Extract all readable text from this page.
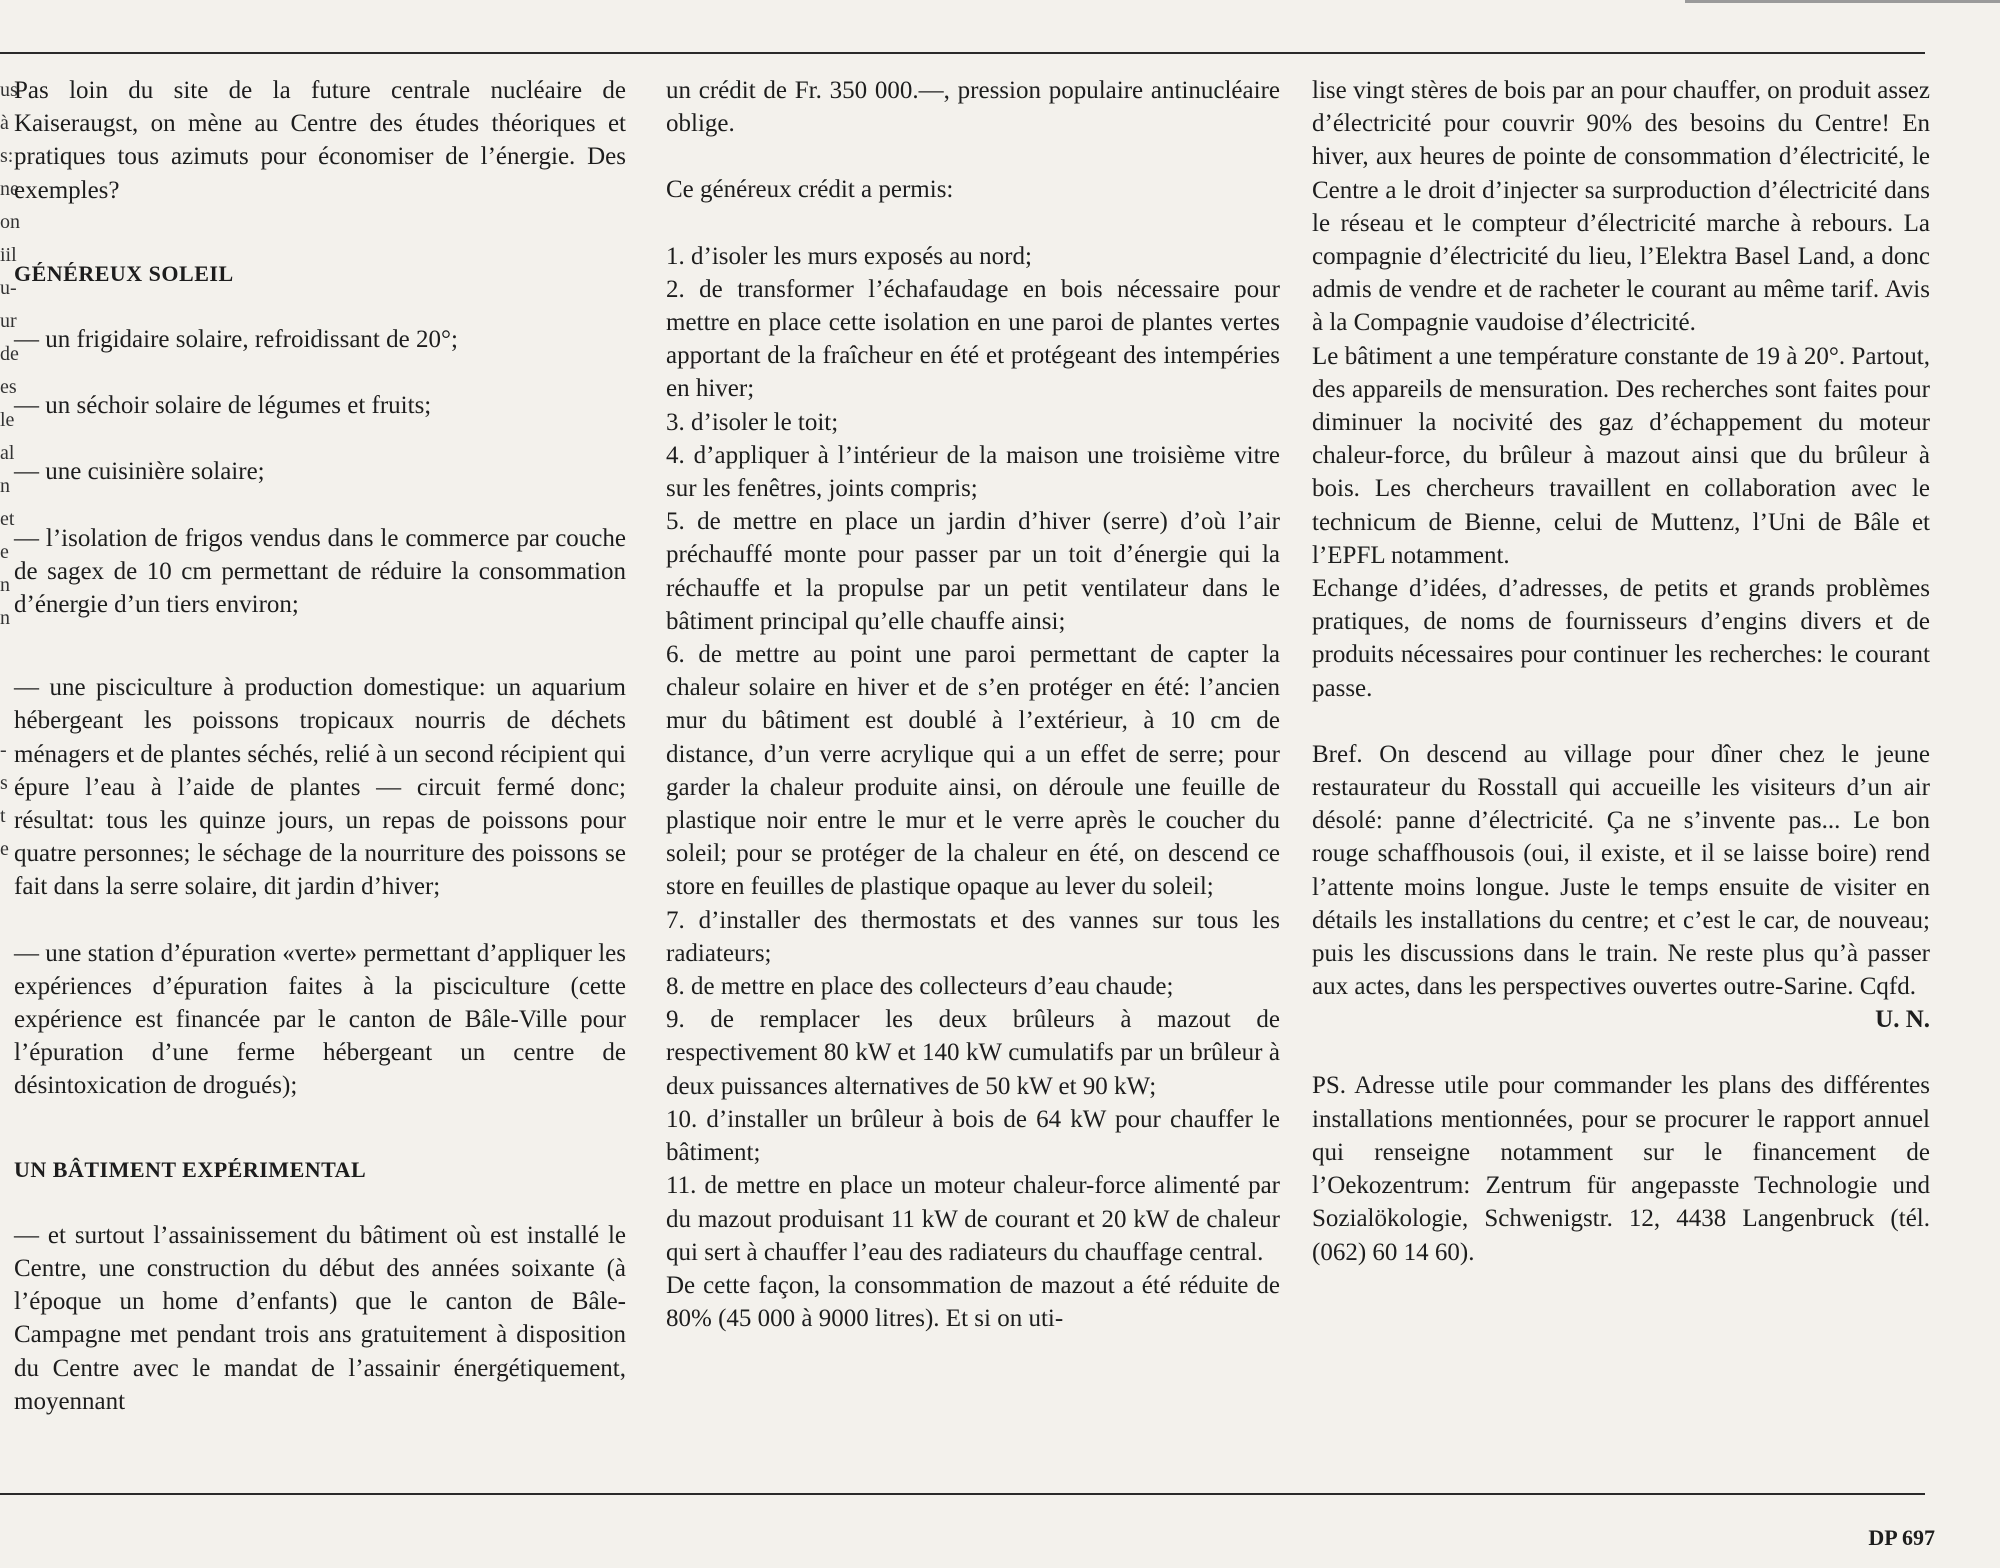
us
à
s:
ne
on
iil
u-
ur
de
es
le
al
n
et
e
n
n
-
s
t
e

Pas loin du site de la future centrale nucléaire de Kaiseraugst, on mène au Centre des études théoriques et pratiques tous azimuts pour économiser de l’énergie. Des exemples?

GÉNÉREUX SOLEIL

— un frigidaire solaire, refroidissant de 20°;

— un séchoir solaire de légumes et fruits;

— une cuisinière solaire;

— l’isolation de frigos vendus dans le commerce par couche de sagex de 10 cm permettant de réduire la consommation d’énergie d’un tiers environ;

— une pisciculture à production domestique: un aquarium hébergeant les poissons tropicaux nourris de déchets ménagers et de plantes séchés, relié à un second récipient qui épure l’eau à l’aide de plantes — circuit fermé donc; résultat: tous les quinze jours, un repas de poissons pour quatre personnes; le séchage de la nourriture des poissons se fait dans la serre solaire, dit jardin d’hiver;

— une station d’épuration «verte» permettant d’appliquer les expériences d’épuration faites à la pisciculture (cette expérience est financée par le canton de Bâle-Ville pour l’épuration d’une ferme hébergeant un centre de désintoxication de drogués);

UN BÂTIMENT EXPÉRIMENTAL

— et surtout l’assainissement du bâtiment où est installé le Centre, une construction du début des années soixante (à l’époque un home d’enfants) que le canton de Bâle-Campagne met pendant trois ans gratuitement à disposition du Centre avec le mandat de l’assainir énergétiquement, moyennant

un crédit de Fr. 350 000.—, pression populaire antinucléaire oblige.

Ce généreux crédit a permis:

1. d’isoler les murs exposés au nord;

2. de transformer l’échafaudage en bois nécessaire pour mettre en place cette isolation en une paroi de plantes vertes apportant de la fraîcheur en été et protégeant des intempéries en hiver;

3. d’isoler le toit;

4. d’appliquer à l’intérieur de la maison une troisième vitre sur les fenêtres, joints compris;

5. de mettre en place un jardin d’hiver (serre) d’où l’air préchauffé monte pour passer par un toit d’énergie qui la réchauffe et la propulse par un petit ventilateur dans le bâtiment principal qu’elle chauffe ainsi;

6. de mettre au point une paroi permettant de capter la chaleur solaire en hiver et de s’en protéger en été: l’ancien mur du bâtiment est doublé à l’extérieur, à 10 cm de distance, d’un verre acrylique qui a un effet de serre; pour garder la chaleur produite ainsi, on déroule une feuille de plastique noir entre le mur et le verre après le coucher du soleil; pour se protéger de la chaleur en été, on descend ce store en feuilles de plastique opaque au lever du soleil;

7. d’installer des thermostats et des vannes sur tous les radiateurs;

8. de mettre en place des collecteurs d’eau chaude;

9. de remplacer les deux brûleurs à mazout de respectivement 80 kW et 140 kW cumulatifs par un brûleur à deux puissances alternatives de 50 kW et 90 kW;

10. d’installer un brûleur à bois de 64 kW pour chauffer le bâtiment;

11. de mettre en place un moteur chaleur-force alimenté par du mazout produisant 11 kW de courant et 20 kW de chaleur qui sert à chauffer l’eau des radiateurs du chauffage central.

De cette façon, la consommation de mazout a été réduite de 80% (45 000 à 9000 litres). Et si on uti-

lise vingt stères de bois par an pour chauffer, on produit assez d’électricité pour couvrir 90% des besoins du Centre! En hiver, aux heures de pointe de consommation d’électricité, le Centre a le droit d’injecter sa surproduction d’électricité dans le réseau et le compteur d’électricité marche à rebours. La compagnie d’électricité du lieu, l’Elektra Basel Land, a donc admis de vendre et de racheter le courant au même tarif. Avis à la Compagnie vaudoise d’électricité.

Le bâtiment a une température constante de 19 à 20°. Partout, des appareils de mensuration. Des recherches sont faites pour diminuer la nocivité des gaz d’échappement du moteur chaleur-force, du brûleur à mazout ainsi que du brûleur à bois. Les chercheurs travaillent en collaboration avec le technicum de Bienne, celui de Muttenz, l’Uni de Bâle et l’EPFL notamment.

Echange d’idées, d’adresses, de petits et grands problèmes pratiques, de noms de fournisseurs d’engins divers et de produits nécessaires pour continuer les recherches: le courant passe.

Bref. On descend au village pour dîner chez le jeune restaurateur du Rosstall qui accueille les visiteurs d’un air désolé: panne d’électricité. Ça ne s’invente pas... Le bon rouge schaffhousois (oui, il existe, et il se laisse boire) rend l’attente moins longue. Juste le temps ensuite de visiter en détails les installations du centre; et c’est le car, de nouveau; puis les discussions dans le train. Ne reste plus qu’à passer aux actes, dans les perspectives ouvertes outre-Sarine. Cqfd.
U. N.

PS. Adresse utile pour commander les plans des différentes installations mentionnées, pour se procurer le rapport annuel qui renseigne notamment sur le financement de l’Oekozentrum: Zentrum für angepasste Technologie und Sozialökologie, Schwenigstr. 12, 4438 Langenbruck (tél. (062) 60 14 60).

DP 697
